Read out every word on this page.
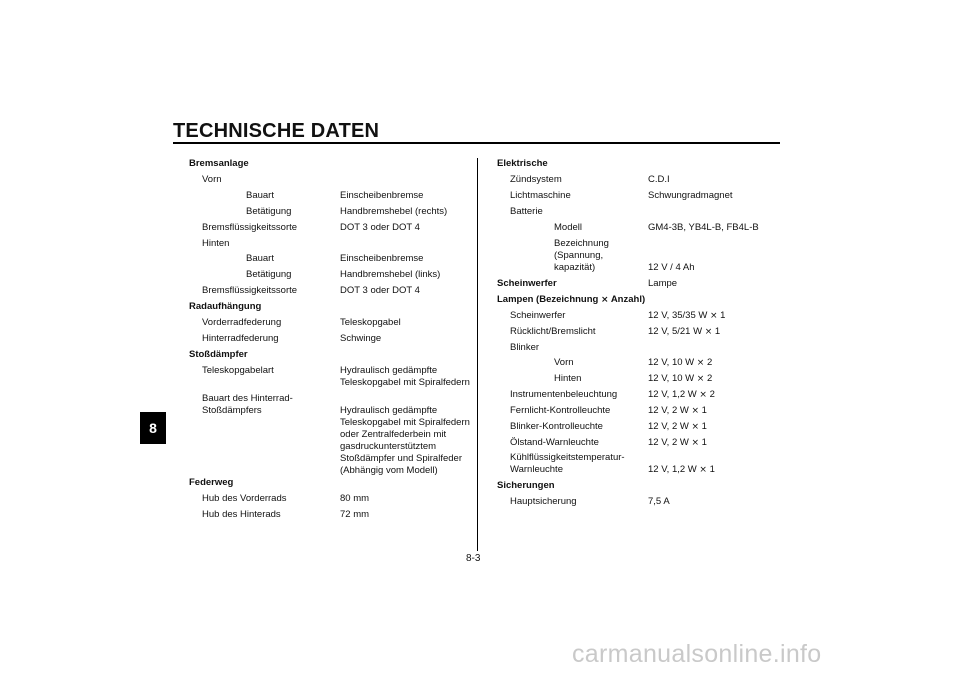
TECHNISCHE DATEN
8
8-3
carmanualsonline.info
Bremsanlage
Vorn
Bauart	Einscheibenbremse
Betätigung	Handbremshebel (rechts)
Bremsflüssigkeitssorte	DOT 3 oder DOT 4
Hinten
Bauart	Einscheibenbremse
Betätigung	Handbremshebel (links)
Bremsflüssigkeitssorte	DOT 3 oder DOT 4
Radaufhängung
Vorderradfederung	Teleskopgabel
Hinterradfederung	Schwinge
Stoßdämpfer
Teleskopgabelart	Hydraulisch gedämpfte
Teleskopgabel mit Spiralfedern
Bauart des Hinterrad-
Stoßdämpfers	Hydraulisch gedämpfte
Teleskopgabel mit Spiralfedern
oder Zentralfederbein mit
gasdruckunterstütztem
Stoßdämpfer und Spiralfeder
(Abhängig vom Modell)
Federweg
Hub des Vorderrads	80 mm
Hub des Hinterads	72 mm
Elektrische
Zündsystem	C.D.I
Lichtmaschine	Schwungradmagnet
Batterie
Modell	GM4-3B, YB4L-B, FB4L-B
Bezeichnung
(Spannung,
kapazität)	12 V / 4 Ah
Scheinwerfer	Lampe
Lampen (Bezeichnung × Anzahl)
Scheinwerfer	12 V, 35/35 W × 1
Rücklicht/Bremslicht	12 V, 5/21 W × 1
Blinker
Vorn	12 V, 10 W × 2
Hinten	12 V, 10 W × 2
Instrumentenbeleuchtung	12 V, 1,2 W × 2
Fernlicht-Kontrolleuchte	12 V, 2 W × 1
Blinker-Kontrolleuchte	12 V, 2 W × 1
Ölstand-Warnleuchte	12 V, 2 W × 1
Kühlflüssigkeitstemperatur-
Warnleuchte	12 V, 1,2 W × 1
Sicherungen
Hauptsicherung	7,5 A
